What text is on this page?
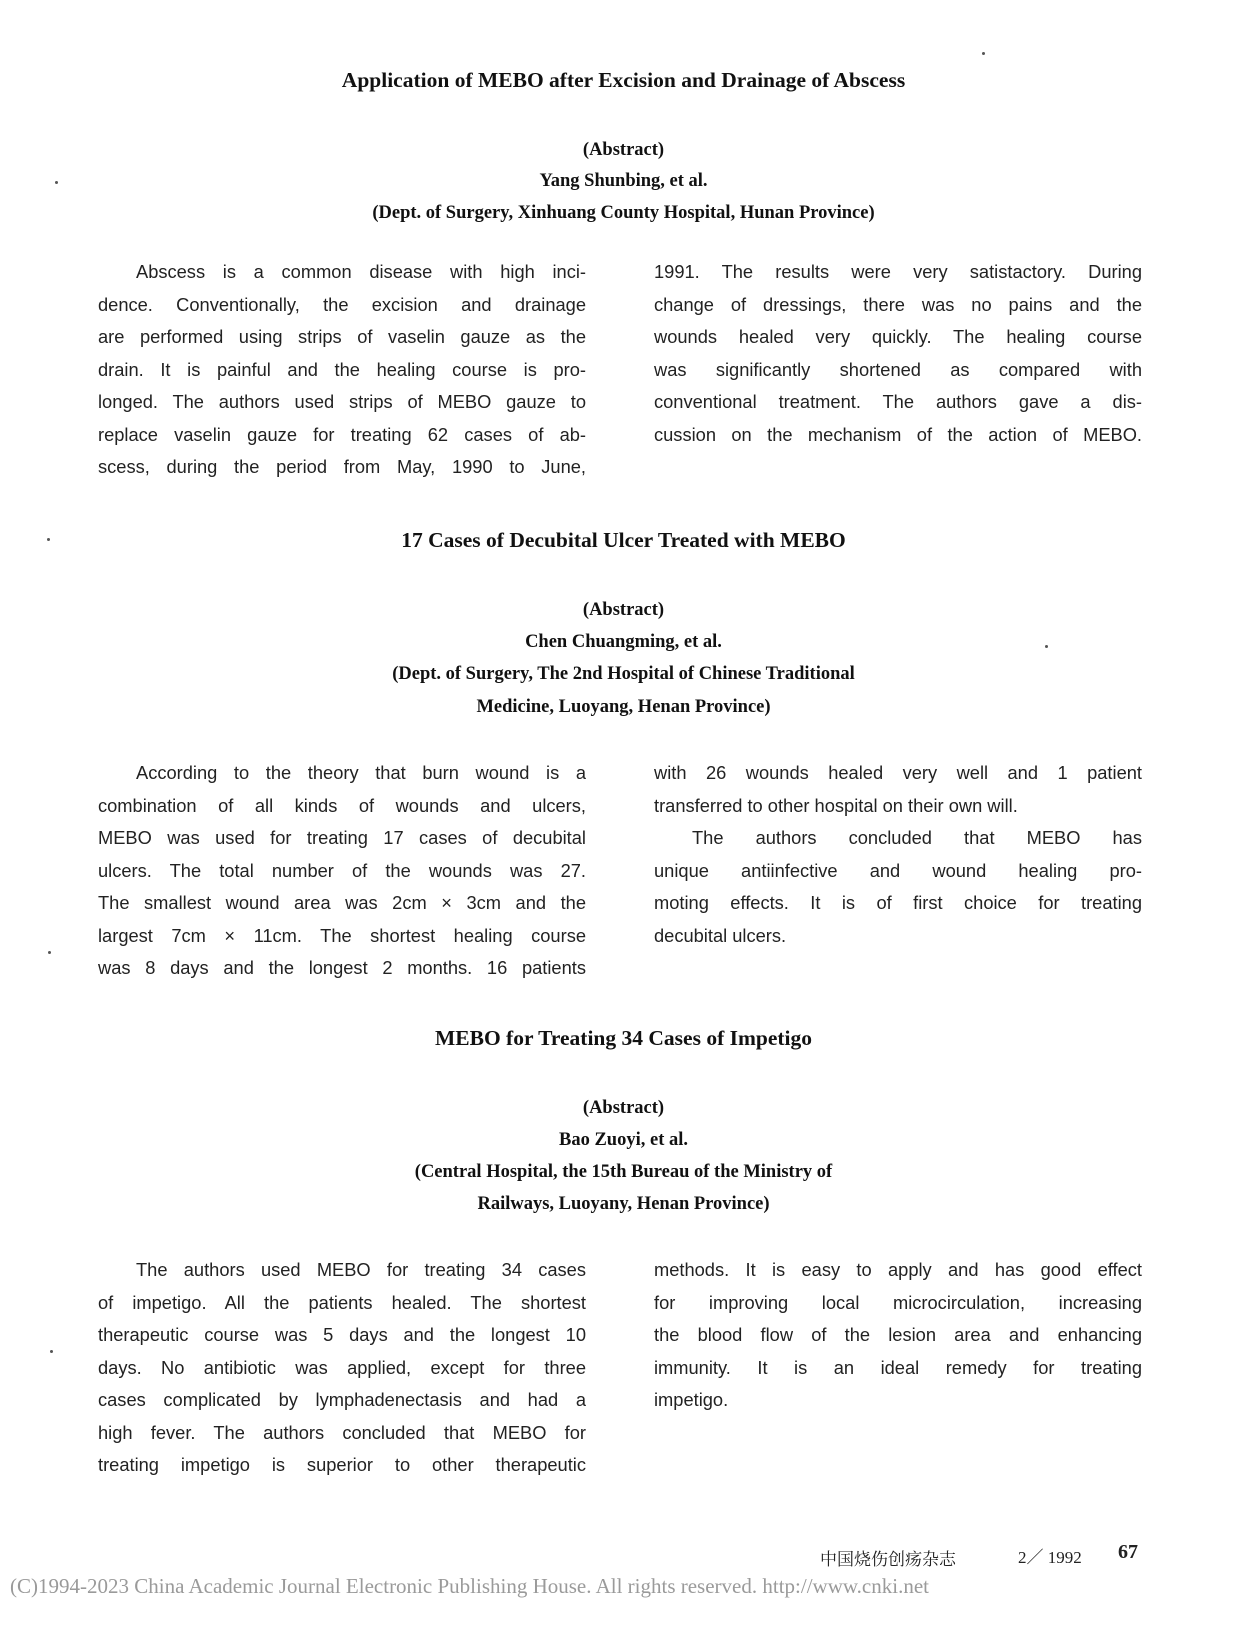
Application of MEBO after Excision and Drainage of Abscess
(Abstract)
Yang Shunbing, et al.
(Dept. of Surgery, Xinhuang County Hospital, Hunan Province)
Abscess is a common disease with high inci-
dence. Conventionally, the excision and drainage
are performed using strips of vaselin gauze as the
drain. It is painful and the healing course is pro-
longed. The authors used strips of MEBO gauze to
replace vaselin gauze for treating 62 cases of ab-
scess, during the period from May, 1990 to June,
1991. The results were very satistactory. During
change of dressings, there was no pains and the
wounds healed very quickly. The healing course
was significantly shortened as compared with
conventional treatment. The authors gave a dis-
cussion on the mechanism of the action of MEBO.
17 Cases of Decubital Ulcer Treated with MEBO
(Abstract)
Chen Chuangming, et al.
(Dept. of Surgery, The 2nd Hospital of Chinese Traditional
Medicine, Luoyang, Henan Province)
According to the theory that burn wound is a
combination of all kinds of wounds and ulcers,
MEBO was used for treating 17 cases of decubital
ulcers. The total number of the wounds was 27.
The smallest wound area was 2cm × 3cm and the
largest 7cm × 11cm. The shortest healing course
was 8 days and the longest 2 months. 16 patients
with 26 wounds healed very well and 1 patient
transferred to other hospital on their own will.
The authors concluded that MEBO has
unique antiinfective and wound healing pro-
moting effects. It is of first choice for treating
decubital ulcers.
MEBO for Treating 34 Cases of Impetigo
(Abstract)
Bao Zuoyi, et al.
(Central Hospital, the 15th Bureau of the Ministry of
Railways, Luoyany, Henan Province)
The authors used MEBO for treating 34 cases
of impetigo. All the patients healed. The shortest
therapeutic course was 5 days and the longest 10
days. No antibiotic was applied, except for three
cases complicated by lymphadenectasis and had a
high fever. The authors concluded that MEBO for
treating impetigo is superior to other therapeutic
methods. It is easy to apply and has good effect
for improving local microcirculation, increasing
the blood flow of the lesion area and enhancing
immunity. It is an ideal remedy for treating
impetigo.
中国烧伤创疡杂志	2／ 1992 67
(C)1994-2023 China Academic Journal Electronic Publishing House. All rights reserved. http://www.cnki.net
